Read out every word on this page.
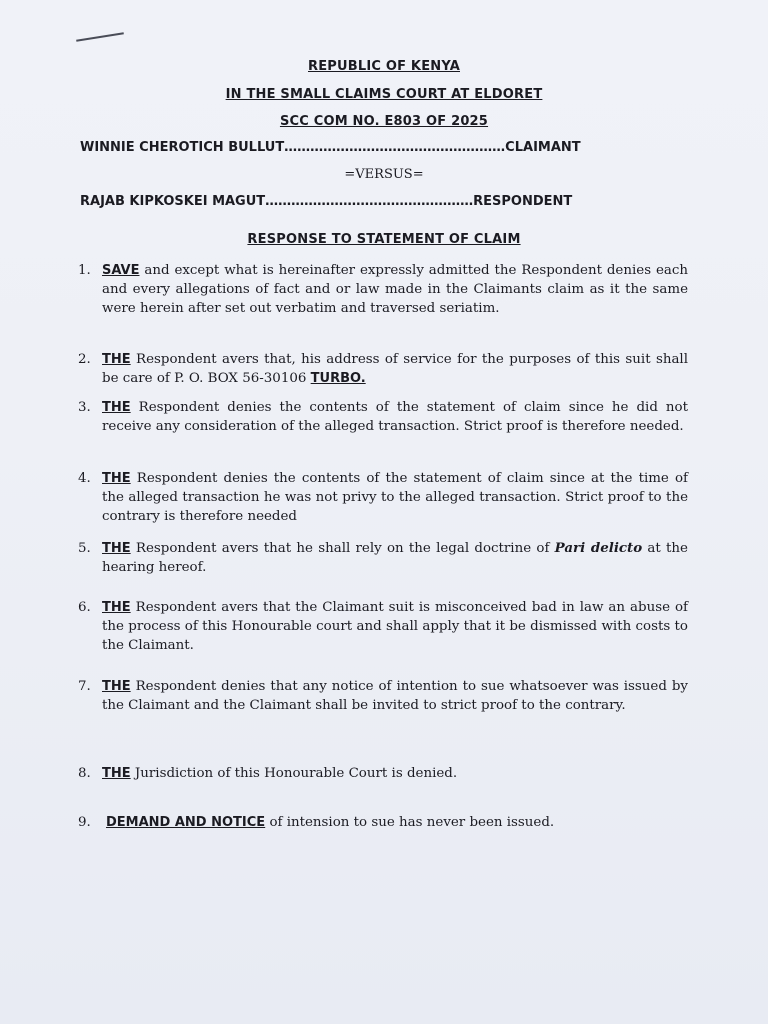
REPUBLIC OF KENYA
IN THE SMALL CLAIMS COURT AT ELDORET
SCC COM NO. E803 OF 2025
WINNIE CHEROTICH BULLUT……………………………………………CLAIMANT
=VERSUS=
RAJAB KIPKOSKEI MAGUT…………………………………………RESPONDENT
RESPONSE TO STATEMENT OF CLAIM
1. SAVE and except what is hereinafter expressly admitted the Respondent denies each and every allegations of fact and or law made in the Claimants claim as it the same were herein after set out verbatim and traversed seriatim.
2. THE Respondent avers that, his address of service for the purposes of this suit shall be care of P. O. BOX 56-30106 TURBO.
3. THE Respondent denies the contents of the statement of claim since he did not receive any consideration of the alleged transaction. Strict proof is therefore needed.
4. THE Respondent denies the contents of the statement of claim since at the time of the alleged transaction he was not privy to the alleged transaction. Strict proof to the contrary is therefore needed
5. THE Respondent avers that he shall rely on the legal doctrine of Pari delicto at the hearing hereof.
6. THE Respondent avers that the Claimant suit is misconceived bad in law an abuse of the process of this Honourable court and shall apply that it be dismissed with costs to the Claimant.
7. THE Respondent denies that any notice of intention to sue whatsoever was issued by the Claimant and the Claimant shall be invited to strict proof to the contrary.
8. THE Jurisdiction of this Honourable Court is denied.
9. DEMAND AND NOTICE of intension to sue has never been issued.
